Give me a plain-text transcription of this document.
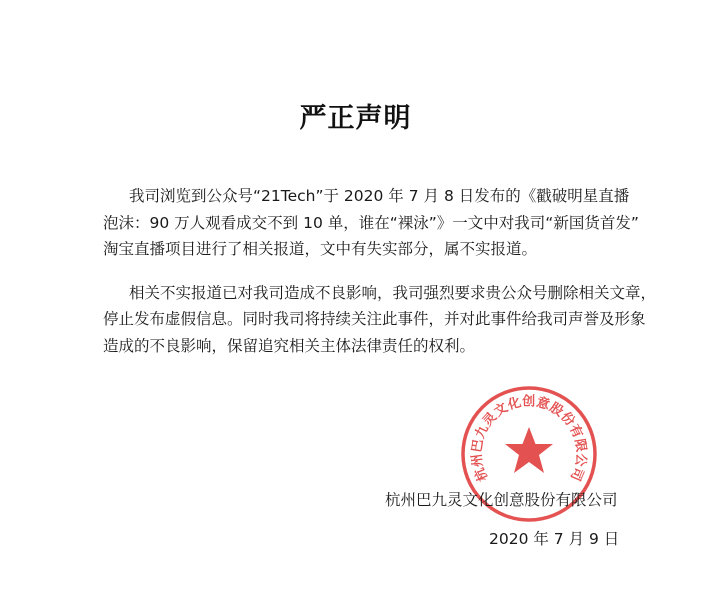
严正声明
我司浏览到公众号“21Tech”于 2020 年 7 月 8 日发布的《戳破明星直播
泡沫：90 万人观看成交不到 10 单，谁在“裸泳”》一文中对我司“新国货首发”
淘宝直播项目进行了相关报道，文中有失实部分，属不实报道。
相关不实报道已对我司造成不良影响，我司强烈要求贵公众号删除相关文章，
停止发布虚假信息。同时我司将持续关注此事件，并对此事件给我司声誉及形象
造成的不良影响，保留追究相关主体法律责任的权利。
杭州巴九灵文化创意股份有限公司
杭州巴九灵文化创意股份有限公司
2020 年 7 月 9 日
